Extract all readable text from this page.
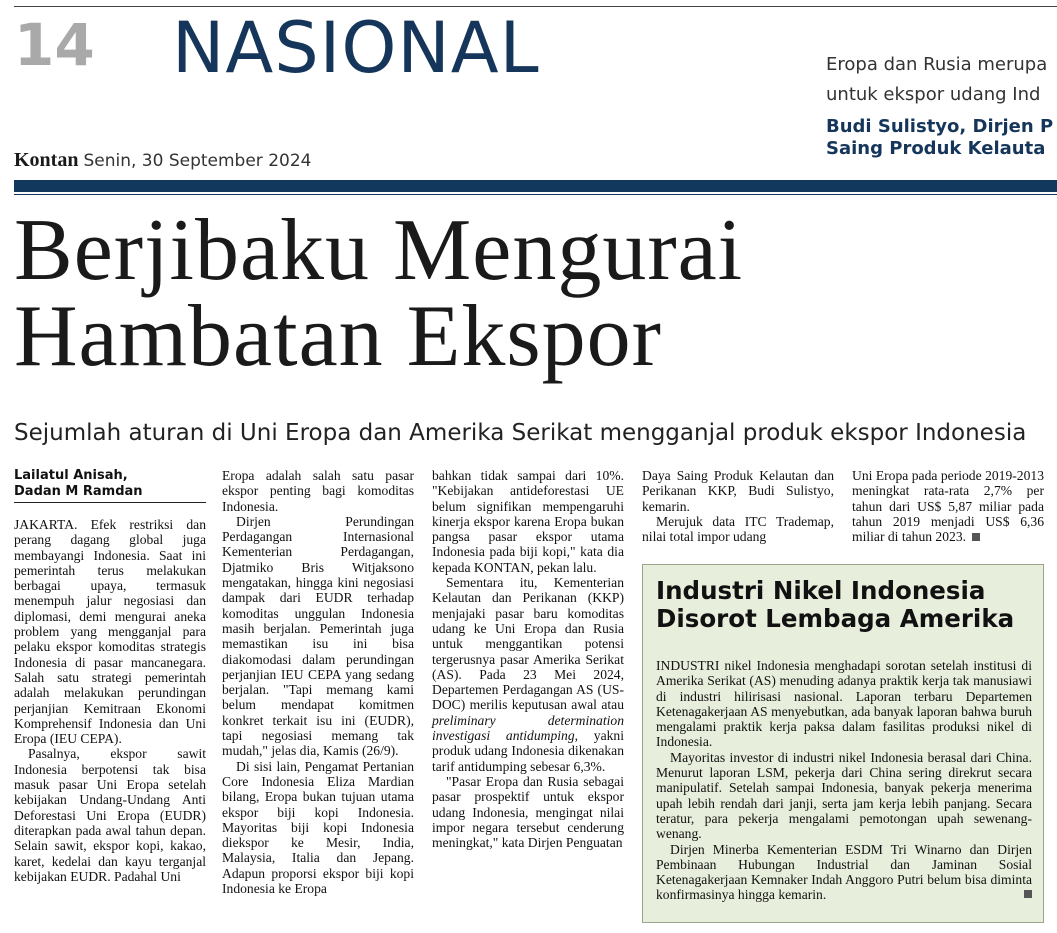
14 NASIONAL	Eropa dan Rusia merupa
untuk ekspor udang Ind
Budi Sulistyo, Dirjen P
Saing Produk Kelauta
Kontan Senin, 30 September 2024
Berjibaku Mengurai
Hambatan Ekspor
Sejumlah aturan di Uni Eropa dan Amerika Serikat mengganjal produk ekspor Indonesia
Lailatul Anisah,
Dadan M Ramdan

JAKARTA. Efek restriksi dan perang dagang global juga membayangi Indonesia. Saat ini pemerintah terus melakukan berbagai upaya, termasuk menempuh jalur negosiasi dan diplomasi, demi mengurai aneka problem yang mengganjal para pelaku ekspor komoditas strategis Indonesia di pasar mancanegara. Salah satu strategi pemerintah adalah melakukan perundingan perjanjian Kemitraan Ekonomi Komprehensif Indonesia dan Uni Eropa (IEU CEPA).

Pasalnya, ekspor sawit Indonesia berpotensi tak bisa masuk pasar Uni Eropa setelah kebijakan Undang-Undang Anti Deforestasi Uni Eropa (EUDR) diterapkan pada awal tahun depan. Selain sawit, ekspor kopi, kakao, karet, kedelai dan kayu terganjal kebijakan EUDR. Padahal Uni

Eropa adalah salah satu pasar ekspor penting bagi komoditas Indonesia.

Dirjen Perundingan Perdagangan Internasional Kementerian Perdagangan, Djatmiko Bris Witjaksono mengatakan, hingga kini negosiasi dampak dari EUDR terhadap komoditas unggulan Indonesia masih berjalan. Pemerintah juga memastikan isu ini bisa diakomodasi dalam perundingan perjanjian IEU CEPA yang sedang berjalan. "Tapi memang kami belum mendapat komitmen konkret terkait isu ini (EUDR), tapi negosiasi memang tak mudah," jelas dia, Kamis (26/9).

Di sisi lain, Pengamat Pertanian Core Indonesia Eliza Mardian bilang, Eropa bukan tujuan utama ekspor biji kopi Indonesia. Mayoritas biji kopi Indonesia diekspor ke Mesir, India, Malaysia, Italia dan Jepang. Adapun proporsi ekspor biji kopi Indonesia ke Eropa

bahkan tidak sampai dari 10%. "Kebijakan antideforestasi UE belum signifikan mempengaruhi kinerja ekspor karena Eropa bukan pangsa pasar ekspor utama Indonesia pada biji kopi," kata dia kepada KONTAN, pekan lalu.

Sementara itu, Kementerian Kelautan dan Perikanan (KKP) menjajaki pasar baru komoditas udang ke Uni Eropa dan Rusia untuk menggantikan potensi tergerusnya pasar Amerika Serikat (AS). Pada 23 Mei 2024, Departemen Perdagangan AS (US-DOC) merilis keputusan awal atau preliminary determination investigasi antidumping, yakni produk udang Indonesia dikenakan tarif antidumping sebesar 6,3%.

"Pasar Eropa dan Rusia sebagai pasar prospektif untuk ekspor udang Indonesia, mengingat nilai impor negara tersebut cenderung meningkat," kata Dirjen Penguatan

Daya Saing Produk Kelautan dan Perikanan KKP, Budi Sulistyo, kemarin.

Merujuk data ITC Trademap, nilai total impor udang

Uni Eropa pada periode 2019-2013 meningkat rata-rata 2,7% per tahun dari US$ 5,87 miliar pada tahun 2019 menjadi US$ 6,36 miliar di tahun 2023.

Industri Nikel Indonesia
Disorot Lembaga Amerika

INDUSTRI nikel Indonesia menghadapi sorotan setelah institusi di Amerika Serikat (AS) menuding adanya praktik kerja tak manusiawi di industri hilirisasi nasional. Laporan terbaru Departemen Ketenagakerjaan AS menyebutkan, ada banyak laporan bahwa buruh mengalami praktik kerja paksa dalam fasilitas produksi nikel di Indonesia.

Mayoritas investor di industri nikel Indonesia berasal dari China. Menurut laporan LSM, pekerja dari China sering direkrut secara manipulatif. Setelah sampai Indonesia, banyak pekerja menerima upah lebih rendah dari janji, serta jam kerja lebih panjang. Secara teratur, para pekerja mengalami pemotongan upah sewenang-wenang.

Dirjen Minerba Kementerian ESDM Tri Winarno dan Dirjen Pembinaan Hubungan Industrial dan Jaminan Sosial Ketenagakerjaan Kemnaker Indah Anggoro Putri belum bisa diminta konfirmasinya hingga kemarin.
